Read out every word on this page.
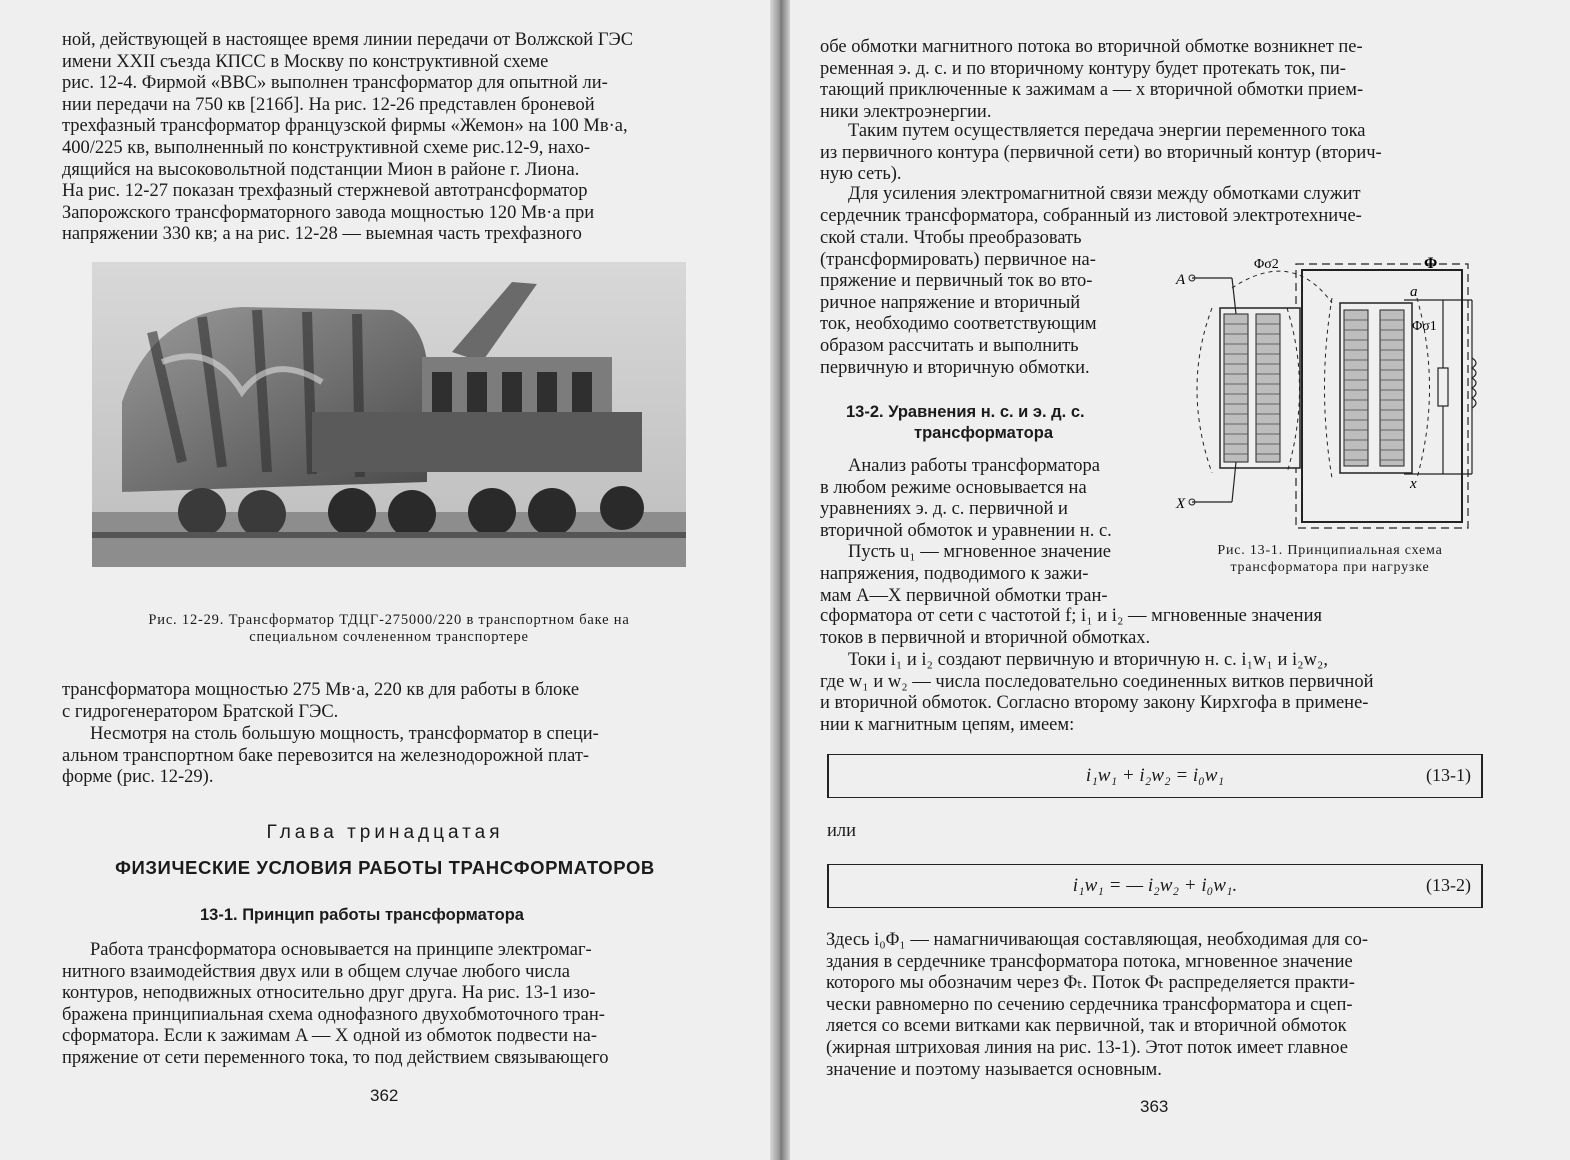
ной, действующей в настоящее время линии передачи от Волжской ГЭС

имени XXII съезда КПСС в Москву по конструктивной схеме

рис. 12-4. Фирмой «ВВС» выполнен трансформатор для опытной ли-

нии передачи на 750 кв [216б]. На рис. 12-26 представлен броневой

трехфазный трансформатор французской фирмы «Жемон» на 100 Мв·а,

400/225 кв, выполненный по конструктивной схеме рис.12-9, нахо-

дящийся на высоковольтной подстанции Мион в районе г. Лиона.

На рис. 12-27 показан трехфазный стержневой автотрансформатор

Запорожского трансформаторного завода мощностью 120 Мв·а при

напряжении 330 кв; а на рис. 12-28 — выемная часть трехфазного

Рис. 12-29. Трансформатор ТДЦГ-275000/220 в транспортном баке на

специальном сочлененном транспортере

трансформатора мощностью 275 Мв·а, 220 кв для работы в блоке

с гидрогенератором Братской ГЭС.

Несмотря на столь большую мощность, трансформатор в специ-

альном транспортном баке перевозится на железнодорожной плат-

форме (рис. 12-29).

Глава тринадцатая

ФИЗИЧЕСКИЕ УСЛОВИЯ РАБОТЫ ТРАНСФОРМАТОРОВ

13-1. Принцип работы трансформатора

Работа трансформатора основывается на принципе электромаг-

нитного взаимодействия двух или в общем случае любого числа

контуров, неподвижных относительно друг друга. На рис. 13-1 изо-

бражена принципиальная схема однофазного двухобмоточного тран-

сформатора. Если к зажимам A — X одной из обмоток подвести на-

пряжение от сети переменного тока, то под действием связывающего

362

обе обмотки магнитного потока во вторичной обмотке возникнет пе-

ременная э. д. с. и по вторичному контуру будет протекать ток, пи-

тающий приключенные к зажимам a — x вторичной обмотки прием-

ники электроэнергии.

Таким путем осуществляется передача энергии переменного тока

из первичного контура (первичной сети) во вторичный контур (вторич-

ную сеть).

Для усиления электромагнитной связи между обмотками служит

сердечник трансформатора, собранный из листовой электротехниче-

ской стали. Чтобы преобразовать

(трансформировать) первичное на-

пряжение и первичный ток во вто-

ричное напряжение и вторичный

ток, необходимо соответствующим

образом рассчитать и выполнить

первичную и вторичную обмотки.

13-2. Уравнения н. с. и э. д. с.

трансформатора

Анализ работы трансформатора

в любом режиме основывается на

уравнениях э. д. с. первичной и

вторичной обмоток и уравнении н. с.

Пусть u₁ — мгновенное значение

напряжения, подводимого к зажи-

мам A—X первичной обмотки тран-

A
X
a
x
Φ
Φσ1
Φσ2

Рис. 13-1. Принципиальная схема

трансформатора при нагрузке

сформатора от сети с частотой f; i₁ и i₂ — мгновенные значения

токов в первичной и вторичной обмотках.

Токи i₁ и i₂ создают первичную и вторичную н. с. i₁w₁ и i₂w₂,

где w₁ и w₂ — числа последовательно соединенных витков первичной

и вторичной обмоток. Согласно второму закону Кирхгофа в примене-

нии к магнитным цепям, имеем:

i₁w₁ + i₂w₂ = i₀w₁	(13-1)

или

i₁w₁ = — i₂w₂ + i₀w₁.	(13-2)

Здесь i₀Φ₁ — намагничивающая составляющая, необходимая для со-

здания в сердечнике трансформатора потока, мгновенное значение

которого мы обозначим через Φₜ. Поток Φₜ распределяется практи-

чески равномерно по сечению сердечника трансформатора и сцеп-

ляется со всеми витками как первичной, так и вторичной обмоток

(жирная штриховая линия на рис. 13-1). Этот поток имеет главное

значение и поэтому называется основным.

363
